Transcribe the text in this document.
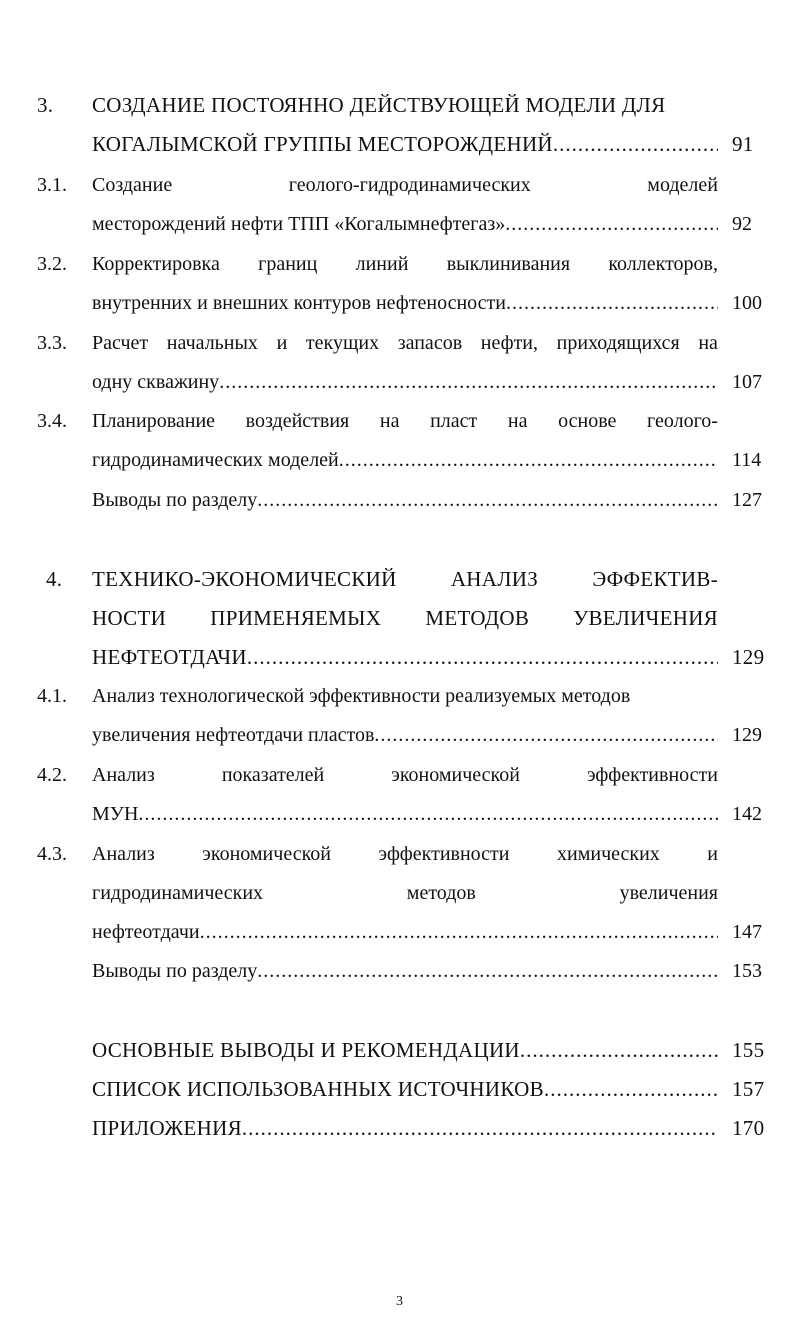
3. СОЗДАНИЕ ПОСТОЯННО ДЕЙСТВУЮЩЕЙ МОДЕЛИ ДЛЯ
КОГАЛЫМСКОЙ ГРУППЫ МЕСТОРОЖДЕНИЙ .....	91
3.1. Создание	геолого-гидродинамических	моделей
месторождений нефти ТПП «Когалымнефтегаз» .....	92
3.2. Корректировка границ линий выклинивания коллекторов,
внутренних и внешних контуров нефтеносности .....	100
3.3. Расчет начальных и текущих запасов нефти, приходящихся на
одну скважину .....	107
3.4. Планирование воздействия на пласт на основе геолого-
гидродинамических моделей .....	114
Выводы по разделу .....	127
4. ТЕХНИКО-ЭКОНОМИЧЕСКИЙ	АНАЛИЗ	ЭФФЕКТИВ-
НОСТИ ПРИМЕНЯЕМЫХ МЕТОДОВ УВЕЛИЧЕНИЯ
НЕФТЕОТДАЧИ .....	129
4.1. Анализ технологической эффективности реализуемых методов
увеличения нефтеотдачи пластов .....	129
4.2. Анализ	показателей	экономической	эффективности
МУН .....	142
4.3. Анализ экономической эффективности химических и
гидродинамических	методов	увеличения
нефтеотдачи .....	147
Выводы по разделу .....	153
ОСНОВНЫЕ ВЫВОДЫ И РЕКОМЕНДАЦИИ .....	155
СПИСОК ИСПОЛЬЗОВАННЫХ ИСТОЧНИКОВ .....	157
ПРИЛОЖЕНИЯ .....	170
3
